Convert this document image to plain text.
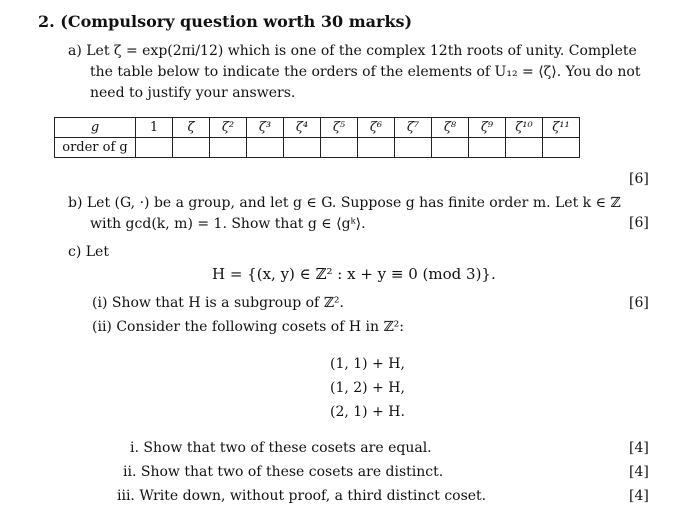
2. (Compulsory question worth 30 marks)
a) Let ζ = exp(2πi/12) which is one of the complex 12th roots of unity. Complete
the table below to indicate the orders of the elements of U₁₂ = ⟨ζ⟩. You do not
need to justify your answers.
g	1	ζ	ζ²	ζ³	ζ⁴	ζ⁵	ζ⁶	ζ⁷	ζ⁸	ζ⁹	ζ¹⁰	ζ¹¹
order of g												
[6]
b) Let (G, ·) be a group, and let g ∈ G. Suppose g has finite order m. Let k ∈ ℤ
with gcd(k, m) = 1. Show that g ∈ ⟨gᵏ⟩.	[6]
c) Let
H = {(x, y) ∈ ℤ² : x + y ≡ 0 (mod 3)}.
(i) Show that H is a subgroup of ℤ².	[6]
(ii) Consider the following cosets of H in ℤ²:
(1, 1) + H,
(1, 2) + H,
(2, 1) + H.
i. Show that two of these cosets are equal.	[4]
ii. Show that two of these cosets are distinct.	[4]
iii. Write down, without proof, a third distinct coset.	[4]
